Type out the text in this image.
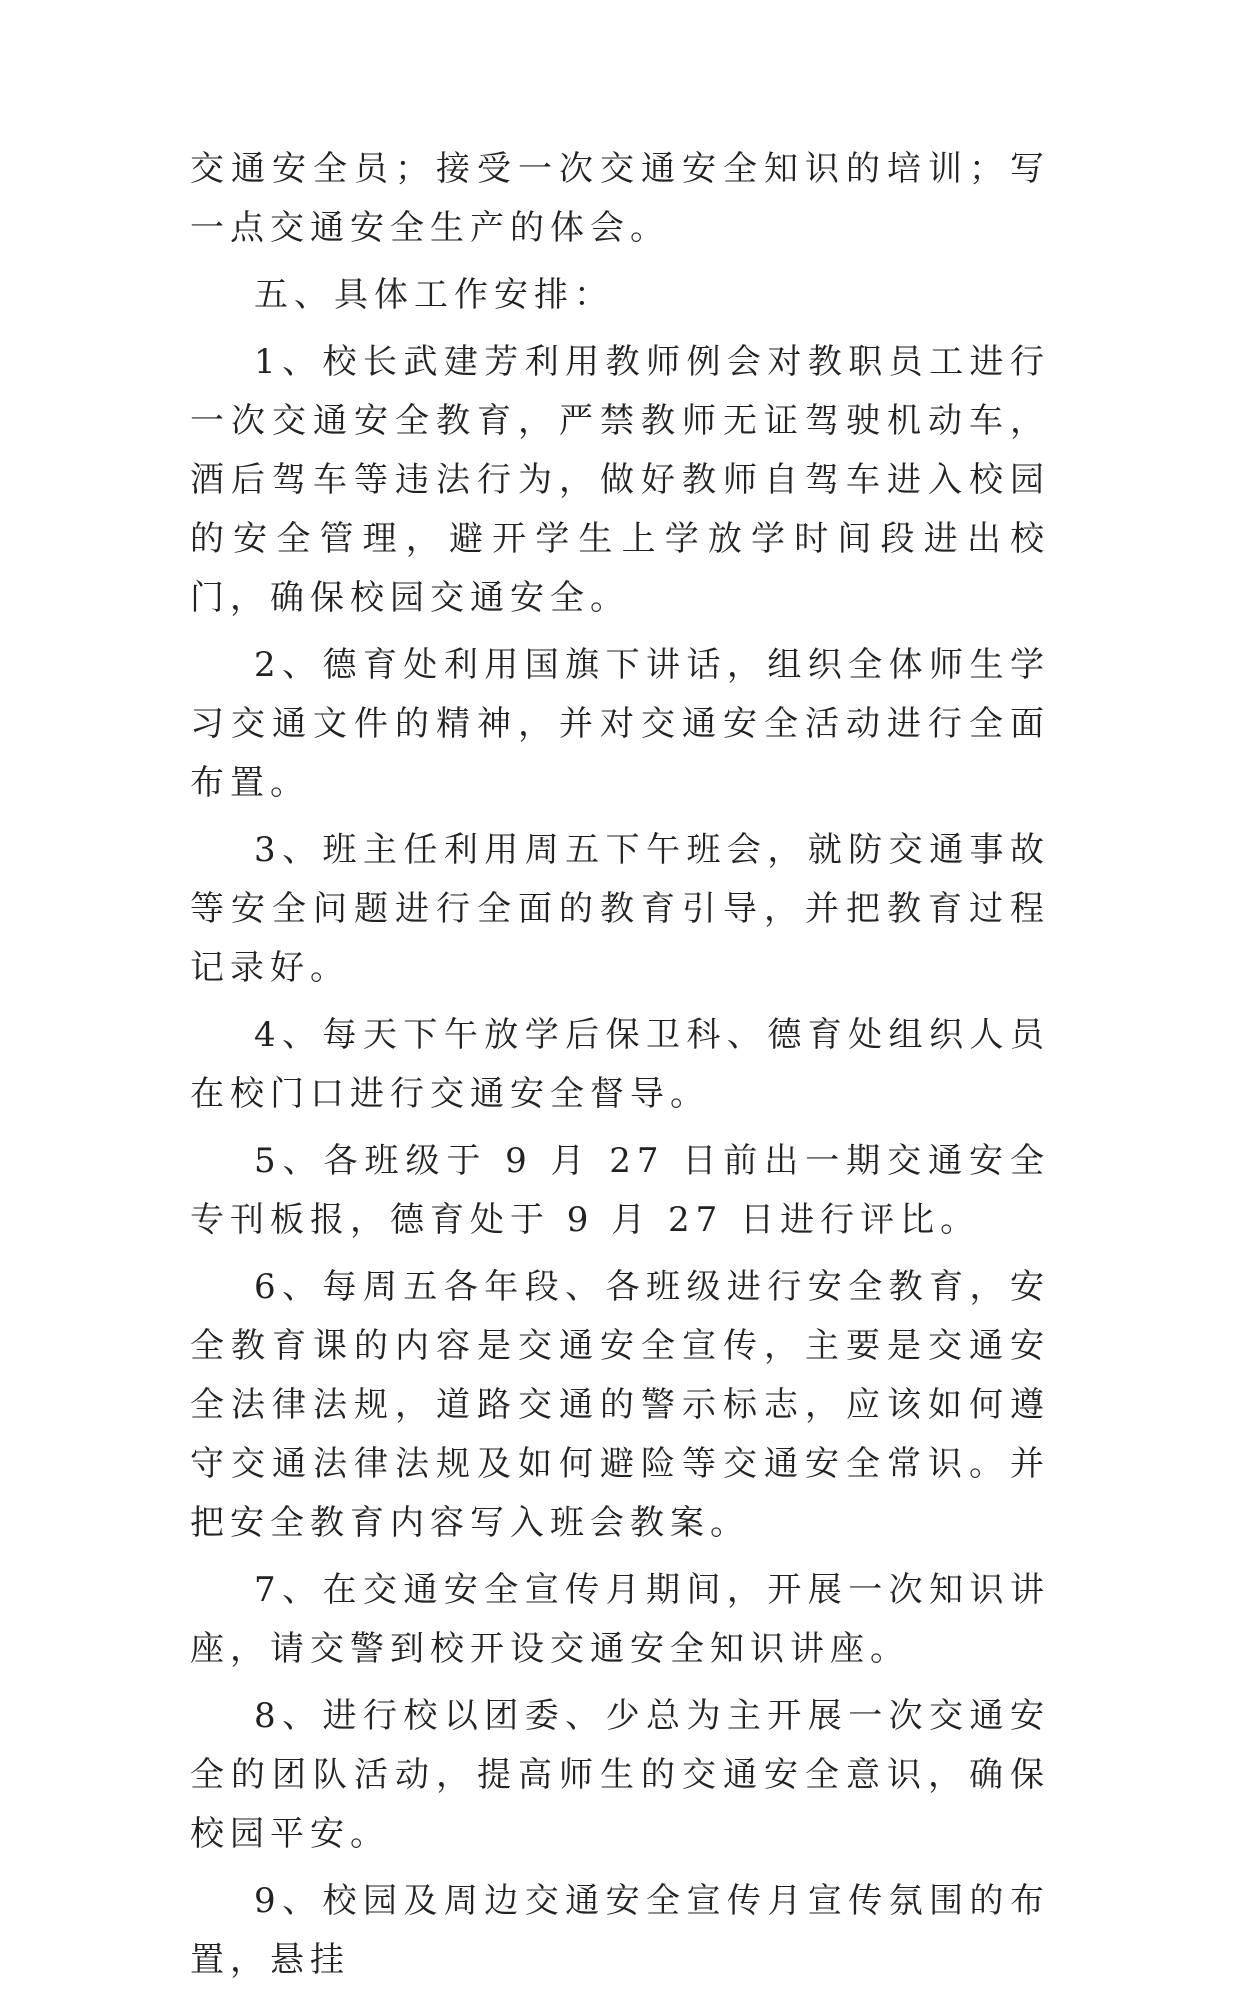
交通安全员；接受一次交通安全知识的培训；写一点交通安全生产的体会。

五、具体工作安排：

1、校长武建芳利用教师例会对教职员工进行一次交通安全教育，严禁教师无证驾驶机动车，酒后驾车等违法行为，做好教师自驾车进入校园的安全管理，避开学生上学放学时间段进出校门，确保校园交通安全。

2、德育处利用国旗下讲话，组织全体师生学习交通文件的精神，并对交通安全活动进行全面布置。

3、班主任利用周五下午班会，就防交通事故等安全问题进行全面的教育引导，并把教育过程记录好。

4、每天下午放学后保卫科、德育处组织人员在校门口进行交通安全督导。

5、各班级于 9 月 27 日前出一期交通安全专刊板报，德育处于 9 月 27 日进行评比。

6、每周五各年段、各班级进行安全教育，安全教育课的内容是交通安全宣传，主要是交通安全法律法规，道路交通的警示标志，应该如何遵守交通法律法规及如何避险等交通安全常识。并把安全教育内容写入班会教案。

7、在交通安全宣传月期间，开展一次知识讲座，请交警到校开设交通安全知识讲座。

8、进行校以团委、少总为主开展一次交通安全的团队活动，提高师生的交通安全意识，确保校园平安。

9、校园及周边交通安全宣传月宣传氛围的布置，悬挂
